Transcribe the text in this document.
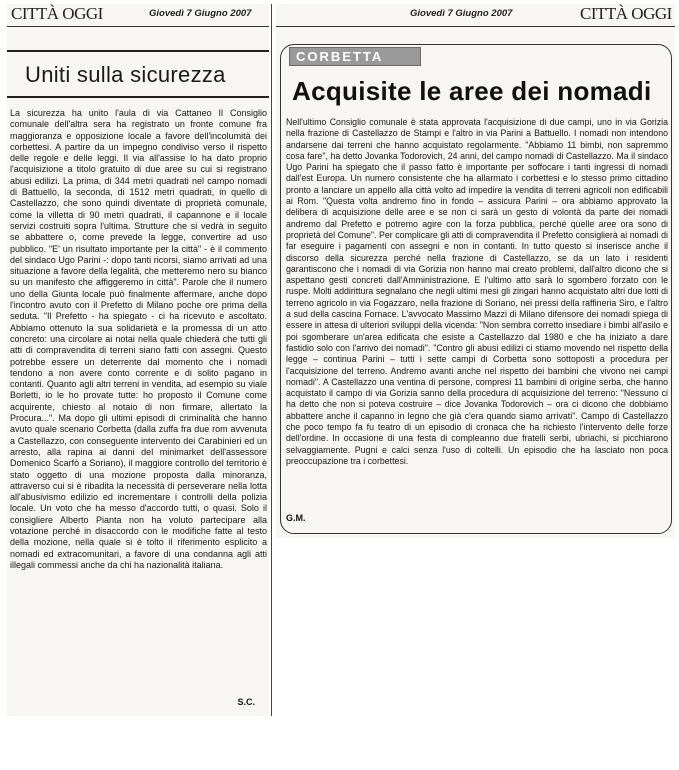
CITTÀ OGGI	Giovedì 7 Giugno 2007
Uniti sulla sicurezza

La sicurezza ha unito l'aula di via Cattaneo Il Consiglio comunale dell'altra sera ha registrato un fronte comune fra maggioranza e opposizione locale a favore dell'incolumità dei corbettesi. A partire da un impegno condiviso verso il rispetto delle regole e delle leggi. Il via all'assise lo ha dato proprio l'acquisizione a titolo gratuito di due aree su cui si registrano abusi edilizi. La prima, di 344 metri quadrati nel campo nomadi di Battuello, la seconda, di 1512 metri quadrati, in quello di Castellazzo, che sono quindi diventate di proprietà comunale, come la villetta di 90 metri quadrati, il capannone e il locale servizi costruiti sopra l'ultima. Strutture che si vedrà in seguito se abbattere o, come prevede la legge, convertire ad uso pubblico. "E' un risultato importante per la città" - è il commento del sindaco Ugo Parini -: dopo tanti ricorsi, siamo arrivati ad una situazione a favore della legalità, che metteremo nero su bianco su un manifesto che affiggeremo in città". Parole che il numero uno della Giunta locale può finalmente affermare, anche dopo l'incontro avuto con il Prefetto di Milano poche ore prima della seduta. "Il Prefetto - ha spiegato - ci ha ricevuto e ascoltato. Abbiamo ottenuto la sua solidarietà e la promessa di un atto concreto: una circolare ai notai nella quale chiederà che tutti gli atti di compravendita di terreni siano fatti con assegni. Questo potrebbe essere un deterrente dal momento che i nomadi tendono a non avere conto corrente e di solito pagano in contanti. Quanto agli altri terreni in vendita, ad esempio su viale Borletti, io le ho provate tutte: ho proposto il Comune come acquirente, chiesto al notaio di non firmare, allertato la Procura...". Ma dopo gli ultimi episodi di criminalità che hanno avuto quale scenario Corbetta (dalla zuffa fra due rom avvenuta a Castellazzo, con conseguente intervento dei Carabinieri ed un arresto, alla rapina ai danni del minimarket dell'assessore Domenico Scarfò a Soriano), il maggiore controllo del territorio è stato oggetto di una mozione proposta dalla minoranza, attraverso cui si è ribadita la necessità di perseverare nella lotta all'abusivismo edilizio ed incrementare i controlli della polizia locale. Un voto che ha messo d'accordo tutti, o quasi. Solo il consigliere Alberto Pianta non ha voluto partecipare alla votazione perché in disaccordo con le modifiche fatte al testo della mozione, nella quale si è tolto il riferimento esplicito a nomadi ed extracomunitari, a favore di una condanna agli atti illegali commessi anche da chi ha nazionalità italiana.

S.C.
Giovedì 7 Giugno 2007	CITTÀ OGGI
CORBETTA
Acquisite le aree dei nomadi

Nell'ultimo Consiglio comunale è stata approvata l'acquisizione di due campi, uno in via Gorizia nella frazione di Castellazzo de Stampi e l'altro in via Parini a Battuello. I nomadi non intendono andarsene dai terreni che hanno acquistato regolarmente. "Abbiamo 11 bimbi, non sapremmo cosa fare", ha detto Jovanka Todorovich, 24 anni, del campo nomadi di Castellazzo. Ma il sindaco Ugo Parini ha spiegato che il passo fatto è importante per soffocare i tanti ingressi di nomadi dall'est Europa. Un numero consistente che ha allarmato i corbettesi e lo stesso primo cittadino pronto a lanciare un appello alla città volto ad impedire la vendita di terreni agricoli non edificabili ai Rom. "Questa volta andremo fino in fondo – assicura Parini – ora abbiamo approvato la delibera di acquisizione delle aree e se non ci sarà un gesto di volontà da parte dei nomadi andremo dal Prefetto e potremo agire con la forza pubblica, perché quelle aree ora sono di proprietà del Comune". Per complicare gli atti di compravendita il Prefetto consiglierà ai nomadi di far eseguire i pagamenti con assegni e non in contanti. In tutto questo si inserisce anche il discorso della sicurezza perché nella frazione di Castellazzo, se da un lato i residenti garantiscono che i nomadi di via Gorizia non hanno mai creato problemi, dall'altro dicono che si aspettano gesti concreti dall'Amministrazione. E l'ultimo atto sarà lo sgombero forzato con le ruspe. Molti addirittura segnalano che negli ultimi mesi gli zingari hanno acquistato altri due lotti di terreno agricolo in via Fogazzaro, nella frazione di Soriano, nei pressi della raffineria Siro, e l'altro a sud della cascina Fornace. L'avvocato Massimo Mazzi di Milano difensore dei nomadi spiega di essere in attesa di ulteriori sviluppi della vicenda: "Non sembra corretto insediare i bimbi all'asilo e poi sgomberare un'area edificata che esiste a Castellazzo dal 1980 e che ha iniziato a dare fastidio solo con l'arrivo dei nomadi". "Contro gli abusi edilizi ci stiamo movendo nel rispetto della legge – continua Parini – tutti i sette campi di Corbetta sono sottoposti a procedura per l'acquisizione del terreno. Andremo avanti anche nel rispetto dei bambini che vivono nei campi nomadi". A Castellazzo una ventina di persone, compresi 11 bambini di origine serba, che hanno acquistato il campo di via Gorizia sanno della procedura di acquisizione del terreno: "Nessuno ci ha detto che non si poteva costruire – dice Jovanka Todorovich – ora ci dicono che dobbiamo abbattere anche il capanno in legno che già c'era quando siamo arrivati". Campo di Castellazzo che poco tempo fa fu teatro di un episodio di cronaca che ha richiesto l'intervento delle forze dell'ordine. In occasione di una festa di compleanno due fratelli serbi, ubriachi, si picchiarono selvaggiamente. Pugni e calci senza l'uso di coltelli. Un episodio che ha lasciato non poca preoccupazione tra i corbettesi.

G.M.
